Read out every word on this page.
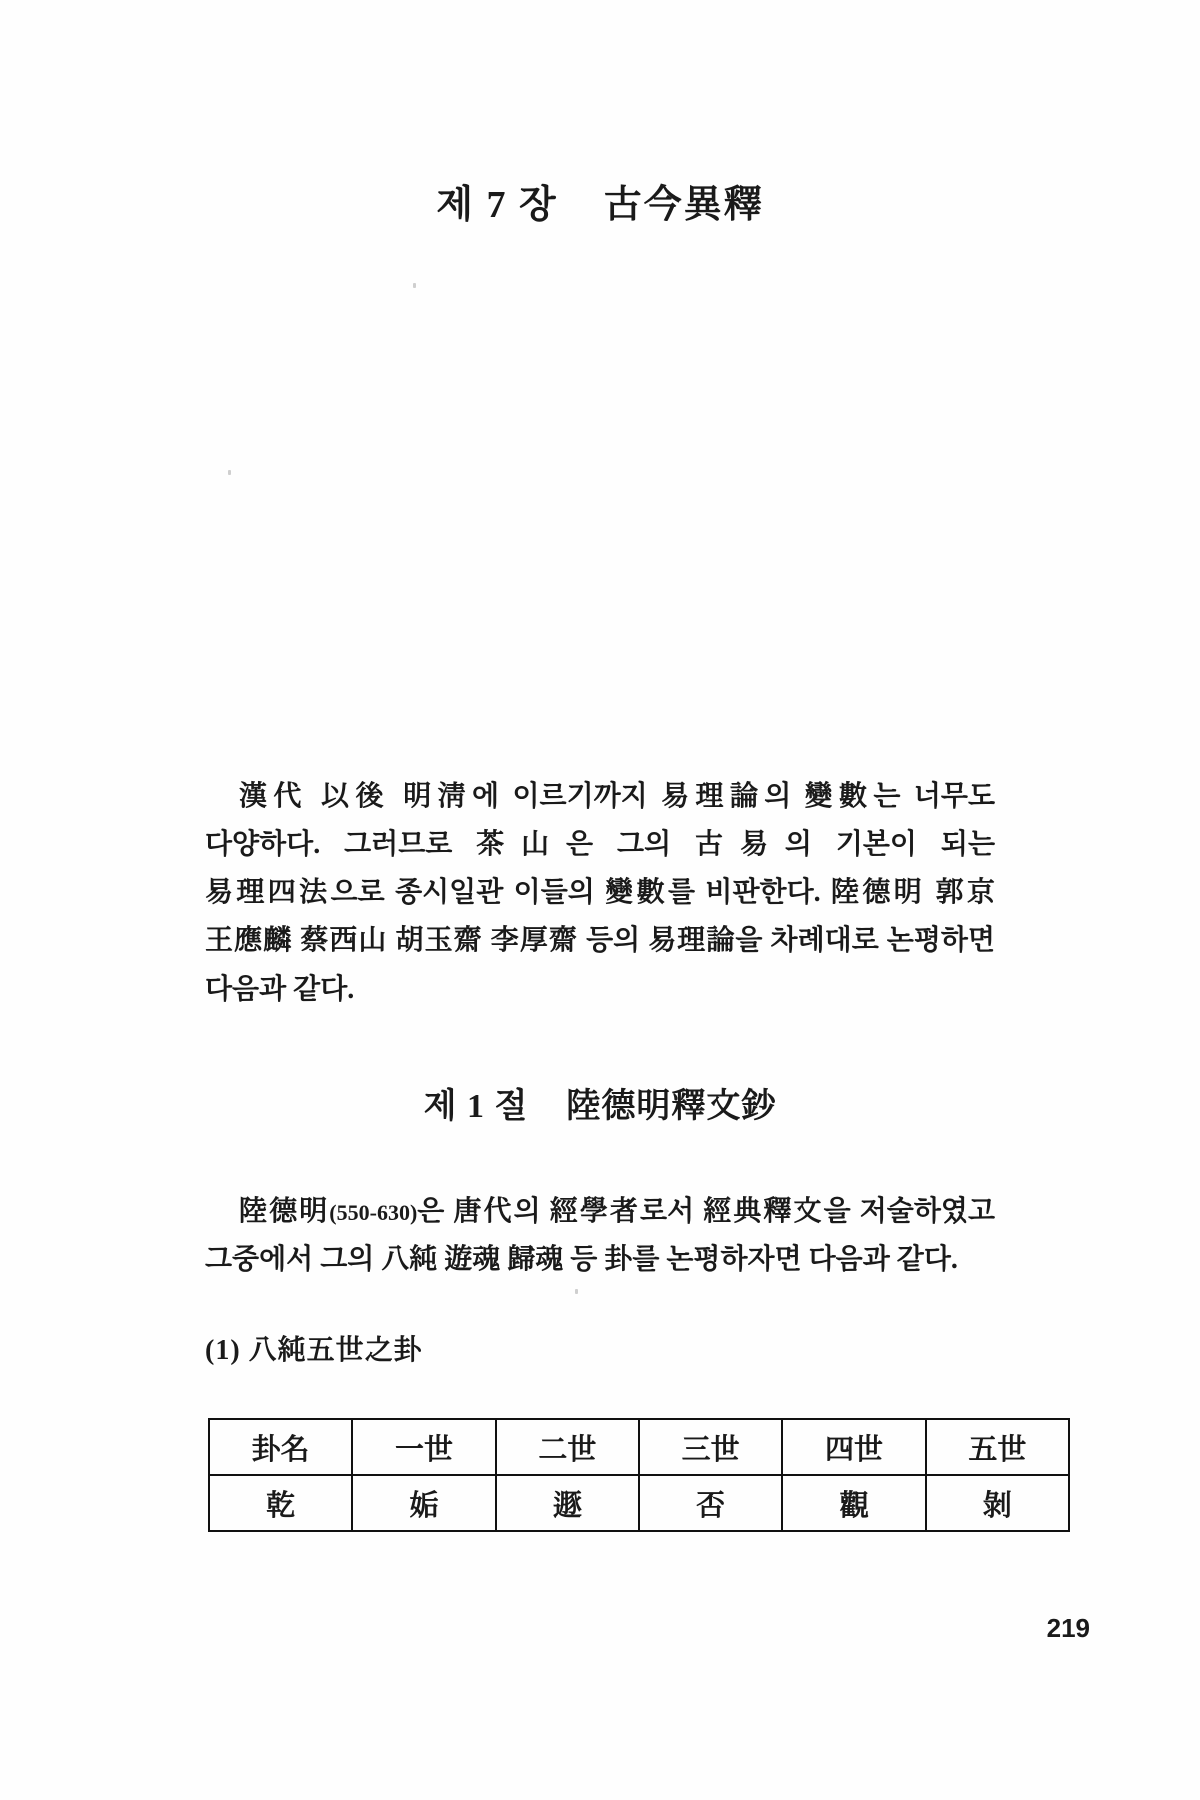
제 7 장    古今異釋

漢代 以後 明淸에 이르기까지 易理論의 變數는 너무도 다양하다. 그러므로 茶山은 그의 古易의 기본이 되는 易理四法으로 종시일관 이들의 變數를 비판한다. 陸德明 郭京 王應麟 蔡西山 胡玉齋 李厚齋 등의 易理論을 차례대로 논평하면 다음과 같다.

제 1 절    陸德明釋文鈔

陸德明(550-630)은 唐代의 經學者로서 經典釋文을 저술하였고 그중에서 그의 八純 遊魂 歸魂 등 卦를 논평하자면 다음과 같다.

(1) 八純五世之卦

卦名	一世	二世	三世	四世	五世
乾	姤	遯	否	觀	剝
219
